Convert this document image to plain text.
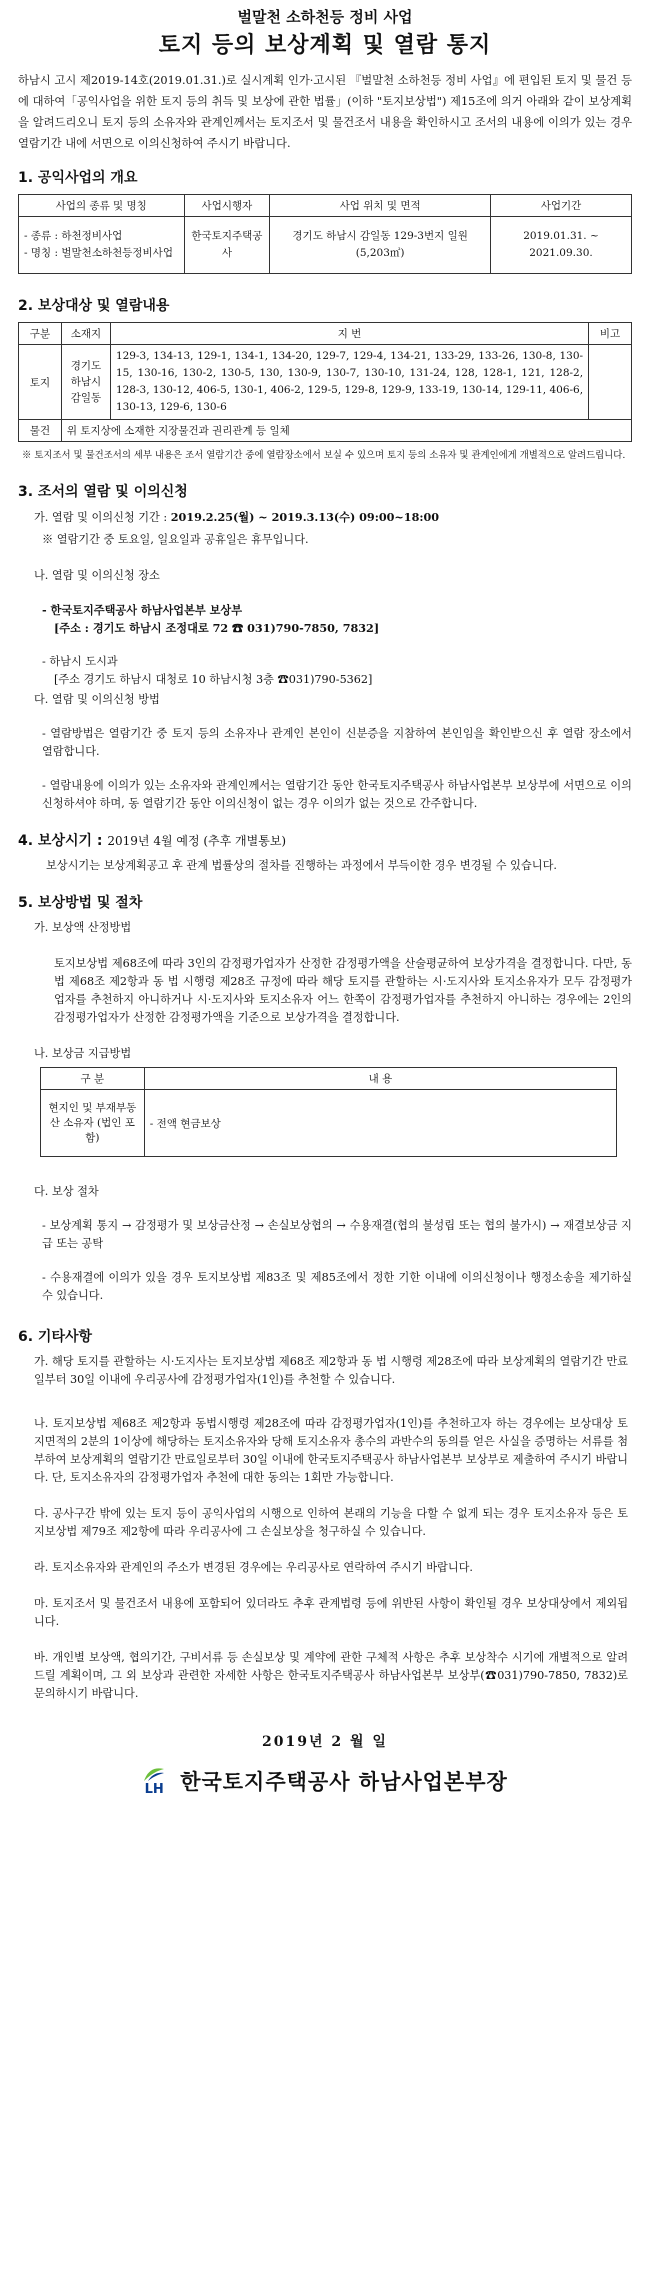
벌말천 소하천등 정비 사업

토지 등의 보상계획 및 열람 통지

하남시 고시 제2019-14호(2019.01.31.)로 실시계획 인가·고시된 『벌말천 소하천등 정비 사업』에 편입된 토지 및 물건 등에 대하여「공익사업을 위한 토지 등의 취득 및 보상에 관한 법률」(이하 "토지보상법") 제15조에 의거 아래와 같이 보상계획을 알려드리오니 토지 등의 소유자와 관계인께서는 토지조서 및 물건조서 내용을 확인하시고 조서의 내용에 이의가 있는 경우 열람기간 내에 서면으로 이의신청하여 주시기 바랍니다.

1. 공익사업의 개요
사업의 종류 및 명칭	사업시행자	사업 위치 및 면적	사업기간

- 종류 : 하천정비사업
- 명칭 : 벌말천소하천등정비사업	한국토지주택공사	경기도 하남시 감일동 129-3번지 일원 (5,203㎡)	2019.01.31. ~ 2021.09.30.
2. 보상대상 및 열람내용
구분	소재지	지 번	비고
토지	경기도 하남시 감일동	129-3, 134-13, 129-1, 134-1, 134-20, 129-7, 129-4, 134-21, 133-29, 133-26, 130-8, 130-15, 130-16, 130-2, 130-5, 130, 130-9, 130-7, 130-10, 131-24, 128, 128-1, 121, 128-2, 128-3, 130-12, 406-5, 130-1, 406-2, 129-5, 129-8, 129-9, 133-19, 130-14, 129-11, 406-6, 130-13, 129-6, 130-6	
물건	위 토지상에 소재한 지장물건과 권리관계 등 일체		

※ 토지조서 및 물건조서의 세부 내용은 조서 열람기간 중에 열람장소에서 보실 수 있으며 토지 등의 소유자 및 관계인에게 개별적으로 알려드립니다.

3. 조서의 열람 및 이의신청

가. 열람 및 이의신청 기간 : 2019.2.25(월) ~ 2019.3.13(수) 09:00~18:00

※ 열람기간 중 토요일, 일요일과 공휴일은 휴무입니다.

나. 열람 및 이의신청 장소

- 한국토지주택공사 하남사업본부 보상부

[주소 : 경기도 하남시 조정대로 72 ☎ 031)790-7850, 7832]

- 하남시 도시과

[주소 경기도 하남시 대청로 10 하남시청 3층 ☎031)790-5362]

다. 열람 및 이의신청 방법

- 열람방법은 열람기간 중 토지 등의 소유자나 관계인 본인이 신분증을 지참하여 본인임을 확인받으신 후 열람 장소에서 열람합니다.

- 열람내용에 이의가 있는 소유자와 관계인께서는 열람기간 동안 한국토지주택공사 하남사업본부 보상부에 서면으로 이의신청하셔야 하며, 동 열람기간 동안 이의신청이 없는 경우 이의가 없는 것으로 간주합니다.

4. 보상시기 : 2019년 4월 예정 (추후 개별통보)

보상시기는 보상계획공고 후 관계 법률상의 절차를 진행하는 과정에서 부득이한 경우 변경될 수 있습니다.

5. 보상방법 및 절차

가. 보상액 산정방법

토지보상법 제68조에 따라 3인의 감정평가업자가 산정한 감정평가액을 산술평균하여 보상가격을 결정합니다. 다만, 동 법 제68조 제2항과 동 법 시행령 제28조 규정에 따라 해당 토지를 관할하는 시·도지사와 토지소유자가 모두 감정평가업자를 추천하지 아니하거나 시·도지사와 토지소유자 어느 한쪽이 감정평가업자를 추천하지 아니하는 경우에는 2인의 감정평가업자가 산정한 감정평가액을 기준으로 보상가격을 결정합니다.

나. 보상금 지급방법

구 분	내 용
현지인 및 부재부동산 소유자 (법인 포함)	- 전액 현금보상

다. 보상 절차

- 보상계획 통지 → 감정평가 및 보상금산정 → 손실보상협의 → 수용재결(협의 불성립 또는 협의 불가시) → 재결보상금 지급 또는 공탁

- 수용재결에 이의가 있을 경우 토지보상법 제83조 및 제85조에서 정한 기한 이내에 이의신청이나 행정소송을 제기하실 수 있습니다.

6. 기타사항

가. 해당 토지를 관할하는 시·도지사는 토지보상법 제68조 제2항과 동 법 시행령 제28조에 따라 보상계획의 열람기간 만료일부터 30일 이내에 우리공사에 감정평가업자(1인)를 추천할 수 있습니다.

나. 토지보상법 제68조 제2항과 동법시행령 제28조에 따라 감정평가업자(1인)를 추천하고자 하는 경우에는 보상대상 토지면적의 2분의 1이상에 해당하는 토지소유자와 당해 토지소유자 총수의 과반수의 동의를 얻은 사실을 증명하는 서류를 첨부하여 보상계획의 열람기간 만료일로부터 30일 이내에 한국토지주택공사 하남사업본부 보상부로 제출하여 주시기 바랍니다. 단, 토지소유자의 감정평가업자 추천에 대한 동의는 1회만 가능합니다.

다. 공사구간 밖에 있는 토지 등이 공익사업의 시행으로 인하여 본래의 기능을 다할 수 없게 되는 경우 토지소유자 등은 토지보상법 제79조 제2항에 따라 우리공사에 그 손실보상을 청구하실 수 있습니다.

라. 토지소유자와 관계인의 주소가 변경된 경우에는 우리공사로 연락하여 주시기 바랍니다.

마. 토지조서 및 물건조서 내용에 포함되어 있더라도 추후 관계법령 등에 위반된 사항이 확인될 경우 보상대상에서 제외됩니다.

바. 개인별 보상액, 협의기간, 구비서류 등 손실보상 및 계약에 관한 구체적 사항은 추후 보상착수 시기에 개별적으로 알려드릴 계획이며, 그 외 보상과 관련한 자세한 사항은 한국토지주택공사 하남사업본부 보상부(☎031)790-7850, 7832)로 문의하시기 바랍니다.

2019년 2 월 일
LH 한국토지주택공사 하남사업본부장
